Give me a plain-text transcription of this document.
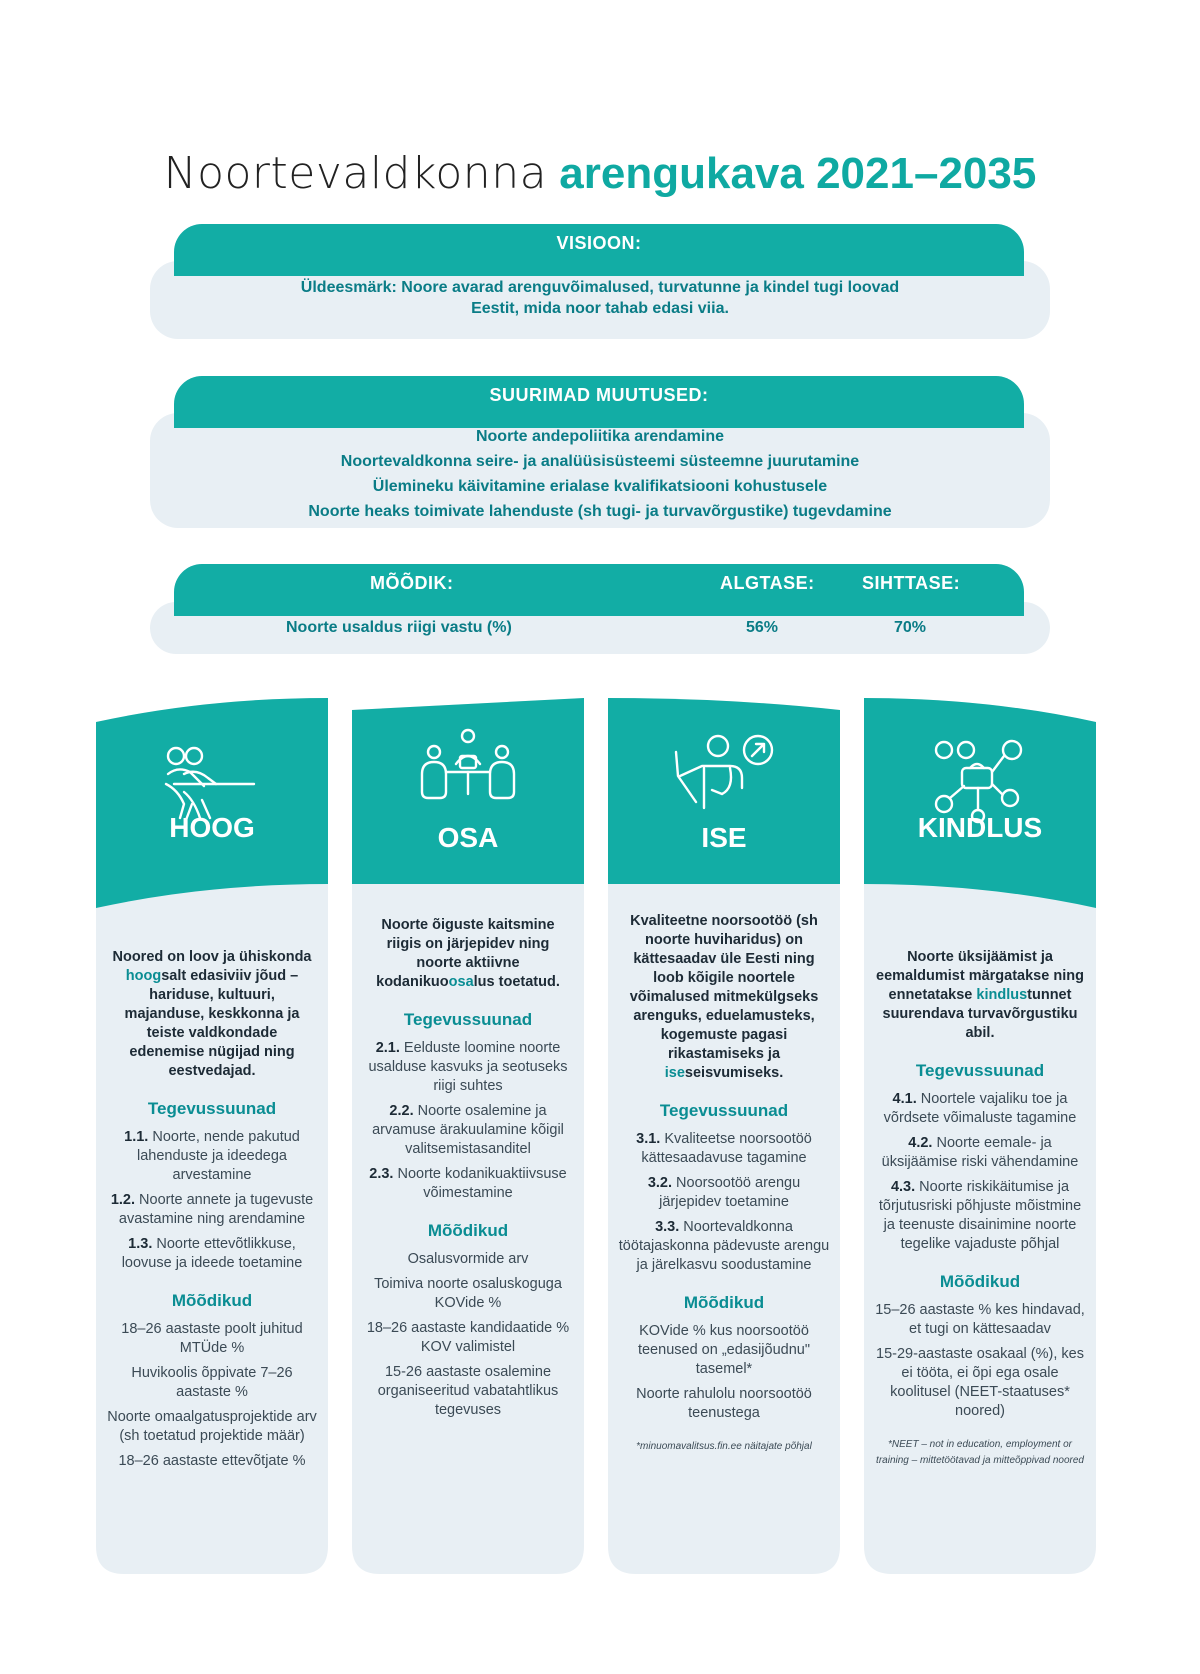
Noortevaldkonna arengukava 2021–2035
Üldeesmärk: Noore avarad arenguvõimalused, turvatunne ja kindel tugi loovad
Eestit, mida noor tahab edasi viia.
VISIOON:
Noorte andepoliitika arendamine
Noortevaldkonna seire- ja analüüsisüsteemi süsteemne juurutamine
Ülemineku käivitamine erialase kvalifikatsiooni kohustusele
Noorte heaks toimivate lahenduste (sh tugi- ja turvavõrgustike) tugevdamine
SUURIMAD MUUTUSED:
Noorte usaldus riigi vastu (%)	56%	70%
MÕÕDIK:	ALGTASE:	SIHTTASE:
HOOG
Noored on loov ja ühiskonda hoogsalt edasiviiv jõud – hariduse, kultuuri, majanduse, keskkonna ja teiste valdkondade edenemise nügijad ning eestvedajad.
Tegevussuunad
1.1. Noorte, nende pakutud lahenduste ja ideedega arvestamine
1.2. Noorte annete ja tugevuste avastamine ning arendamine
1.3. Noorte ettevõtlikkuse, loovuse ja ideede toetamine
Mõõdikud
18–26 aastaste poolt juhitud MTÜde %
Huvikoolis õppivate 7–26 aastaste %
Noorte omaalgatusprojektide arv (sh toetatud projektide määr)
18–26 aastaste ettevõtjate %
OSA
Noorte õiguste kaitsmine riigis on järjepidev ning noorte aktiivne kodanikuoosalus toetatud.
Tegevussuunad
2.1. Eelduste loomine noorte usalduse kasvuks ja seotuseks riigi suhtes
2.2. Noorte osalemine ja arvamuse ärakuulamine kõigil valitsemistasanditel
2.3. Noorte kodanikuaktiivsuse võimestamine
Mõõdikud
Osalusvormide arv
Toimiva noorte osaluskoguga KOVide %
18–26 aastaste kandidaatide % KOV valimistel
15-26 aastaste osalemine organiseeritud vabatahtlikus tegevuses
ISE
Kvaliteetne noorsootöö (sh noorte huviharidus) on kättesaadav üle Eesti ning loob kõigile noortele võimalused mitmekülgseks arenguks, eduelamusteks, kogemuste pagasi rikastamiseks ja iseseisvumiseks.
Tegevussuunad
3.1. Kvaliteetse noorsootöö kättesaadavuse tagamine
3.2. Noorsootöö arengu järjepidev toetamine
3.3. Noortevaldkonna töötajaskonna pädevuste arengu ja järelkasvu soodustamine
Mõõdikud
KOVide % kus noorsootöö teenused on „edasijõudnu" tasemel*
Noorte rahulolu noorsootöö teenustega
*minuomavalitsus.fin.ee näitajate põhjal
KINDLUS
Noorte üksijäämist ja eemaldumist märgatakse ning ennetatakse kindlustunnet suurendava turvavõrgustiku abil.
Tegevussuunad
4.1. Noortele vajaliku toe ja võrdsete võimaluste tagamine
4.2. Noorte eemale- ja üksijäämise riski vähendamine
4.3. Noorte riskikäitumise ja tõrjutusriski põhjuste mõistmine ja teenuste disainimine noorte tegelike vajaduste põhjal
Mõõdikud
15–26 aastaste % kes hindavad, et tugi on kättesaadav
15-29-aastaste osakaal (%), kes ei tööta, ei õpi ega osale koolitusel (NEET-staatuses* noored)
*NEET – not in education, employment or training – mittetöötavad ja mitteõppivad noored
